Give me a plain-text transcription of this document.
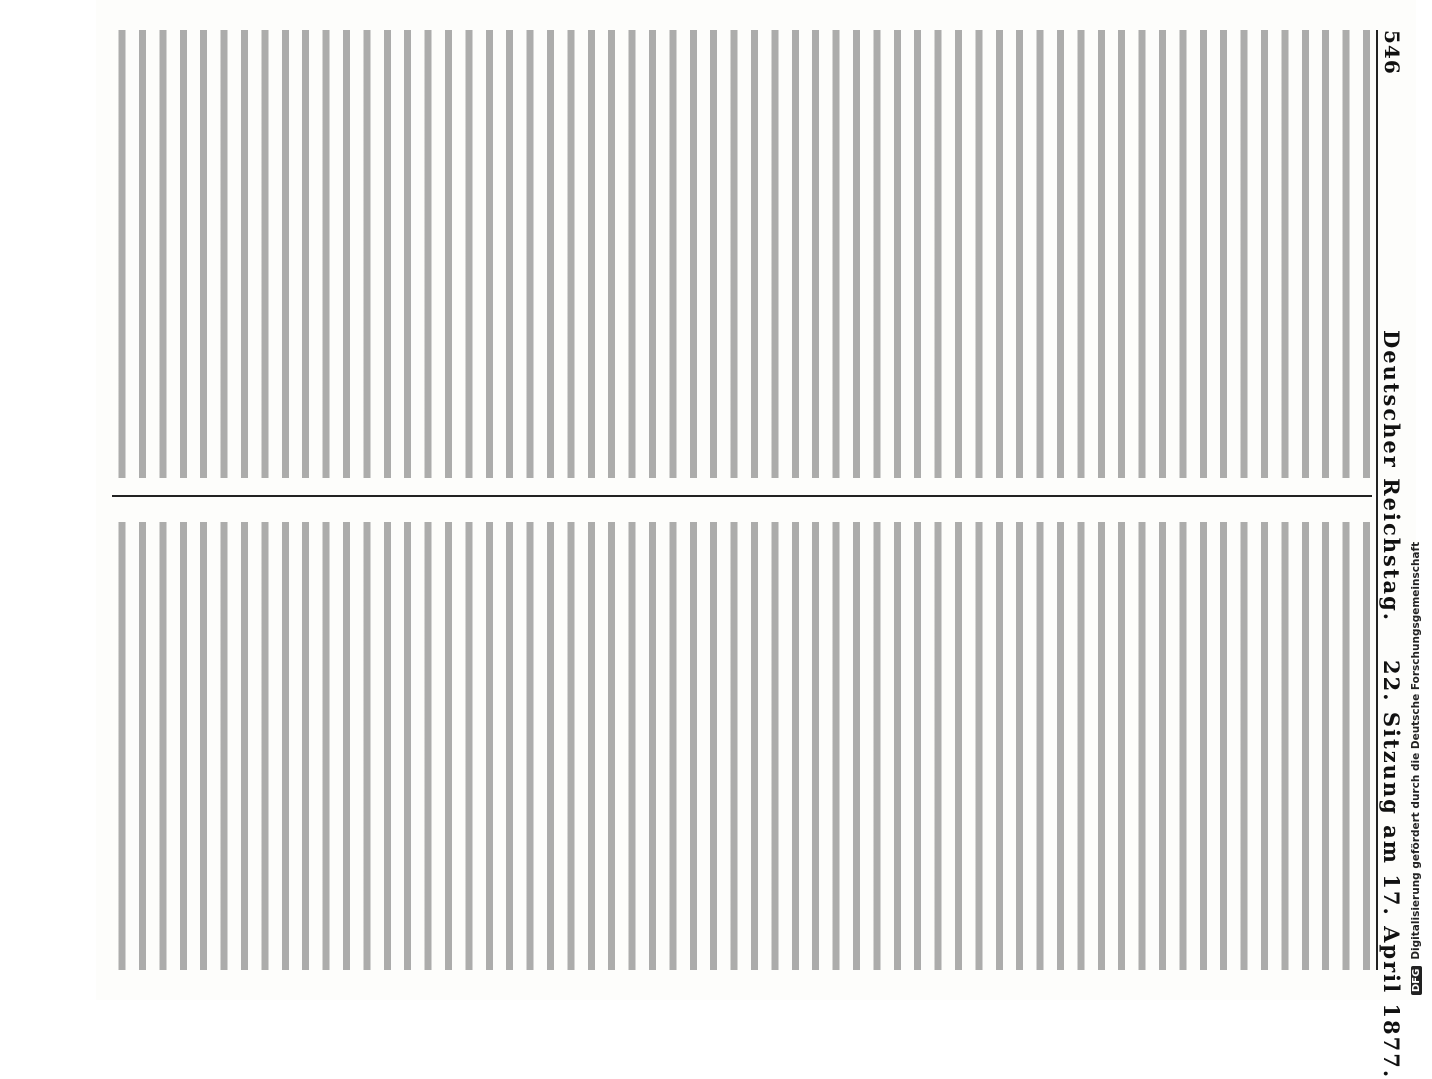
546
Deutscher Reichstag.
22. Sitzung am 17. April 1877. DFGDigitalisierung gefördert durch die Deutsche Forschungsgemeinschaft
